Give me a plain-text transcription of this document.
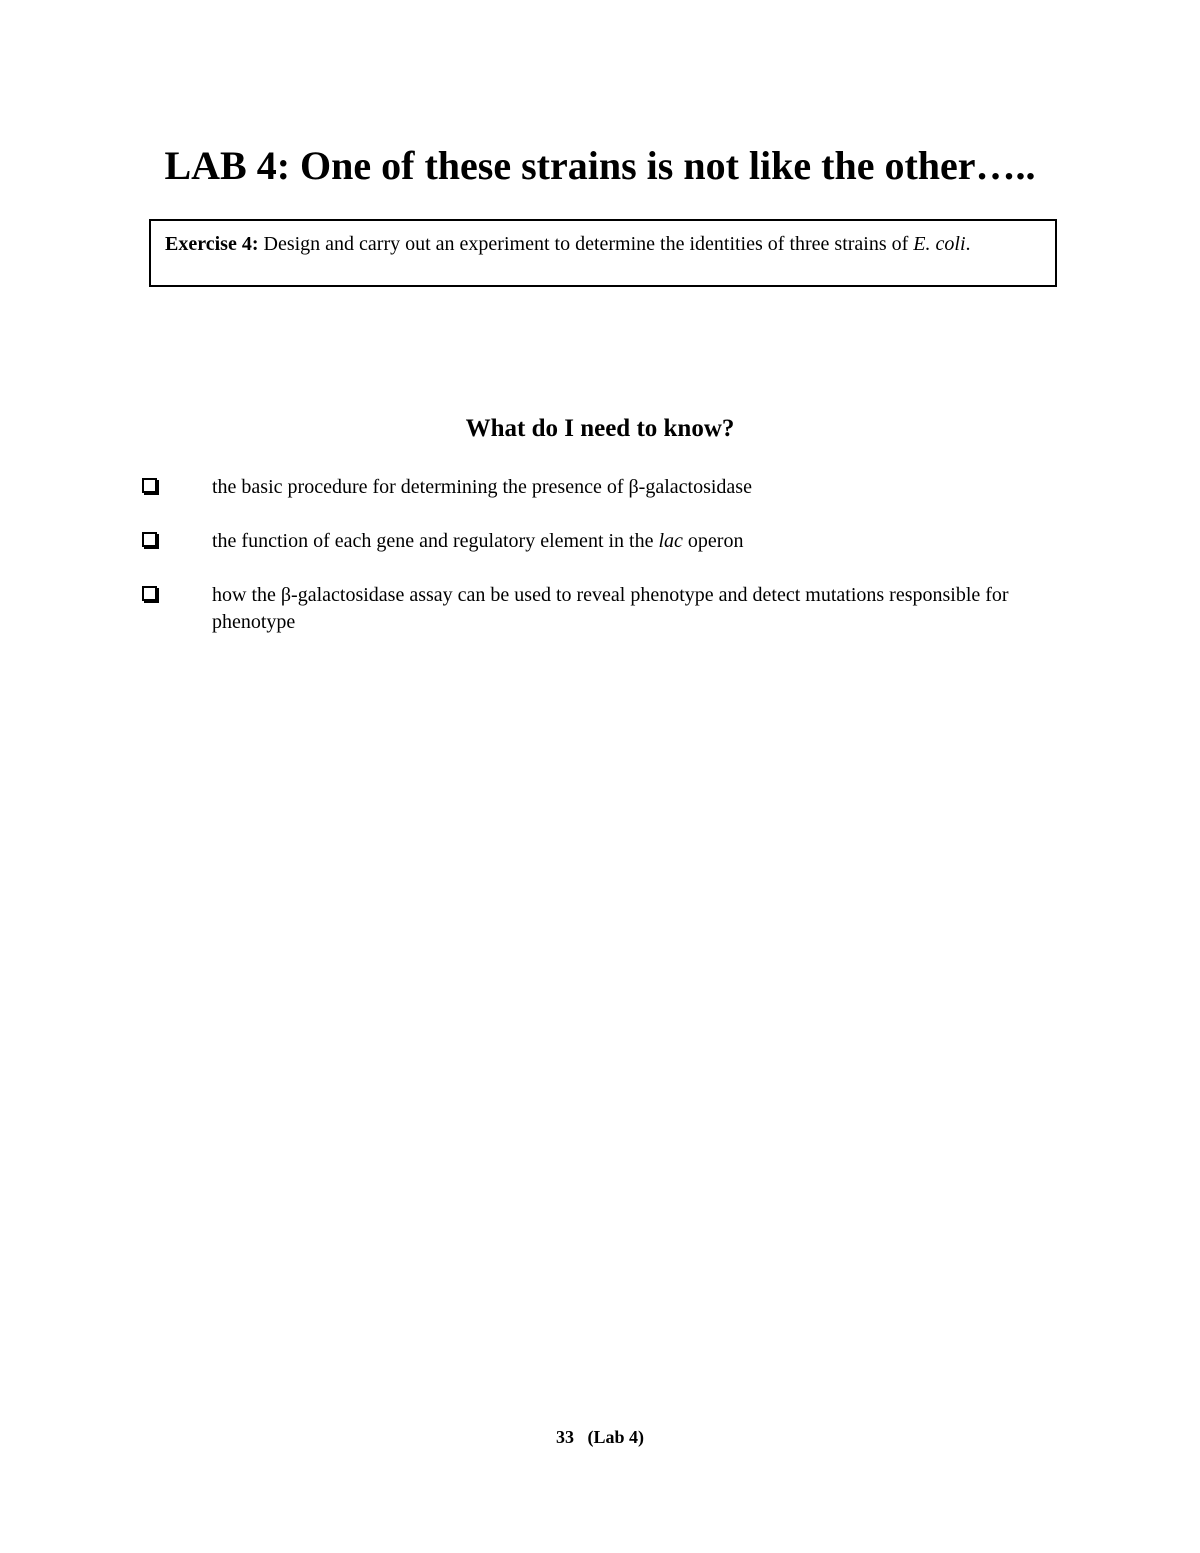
LAB 4: One of these strains is not like the other…..
Exercise 4: Design and carry out an experiment to determine the identities of three strains of E. coli.
What do I need to know?
the basic procedure for determining the presence of β-galactosidase
the function of each gene and regulatory element in the lac operon
how the β-galactosidase assay can be used to reveal phenotype and detect mutations responsible for phenotype
33 (Lab 4)
